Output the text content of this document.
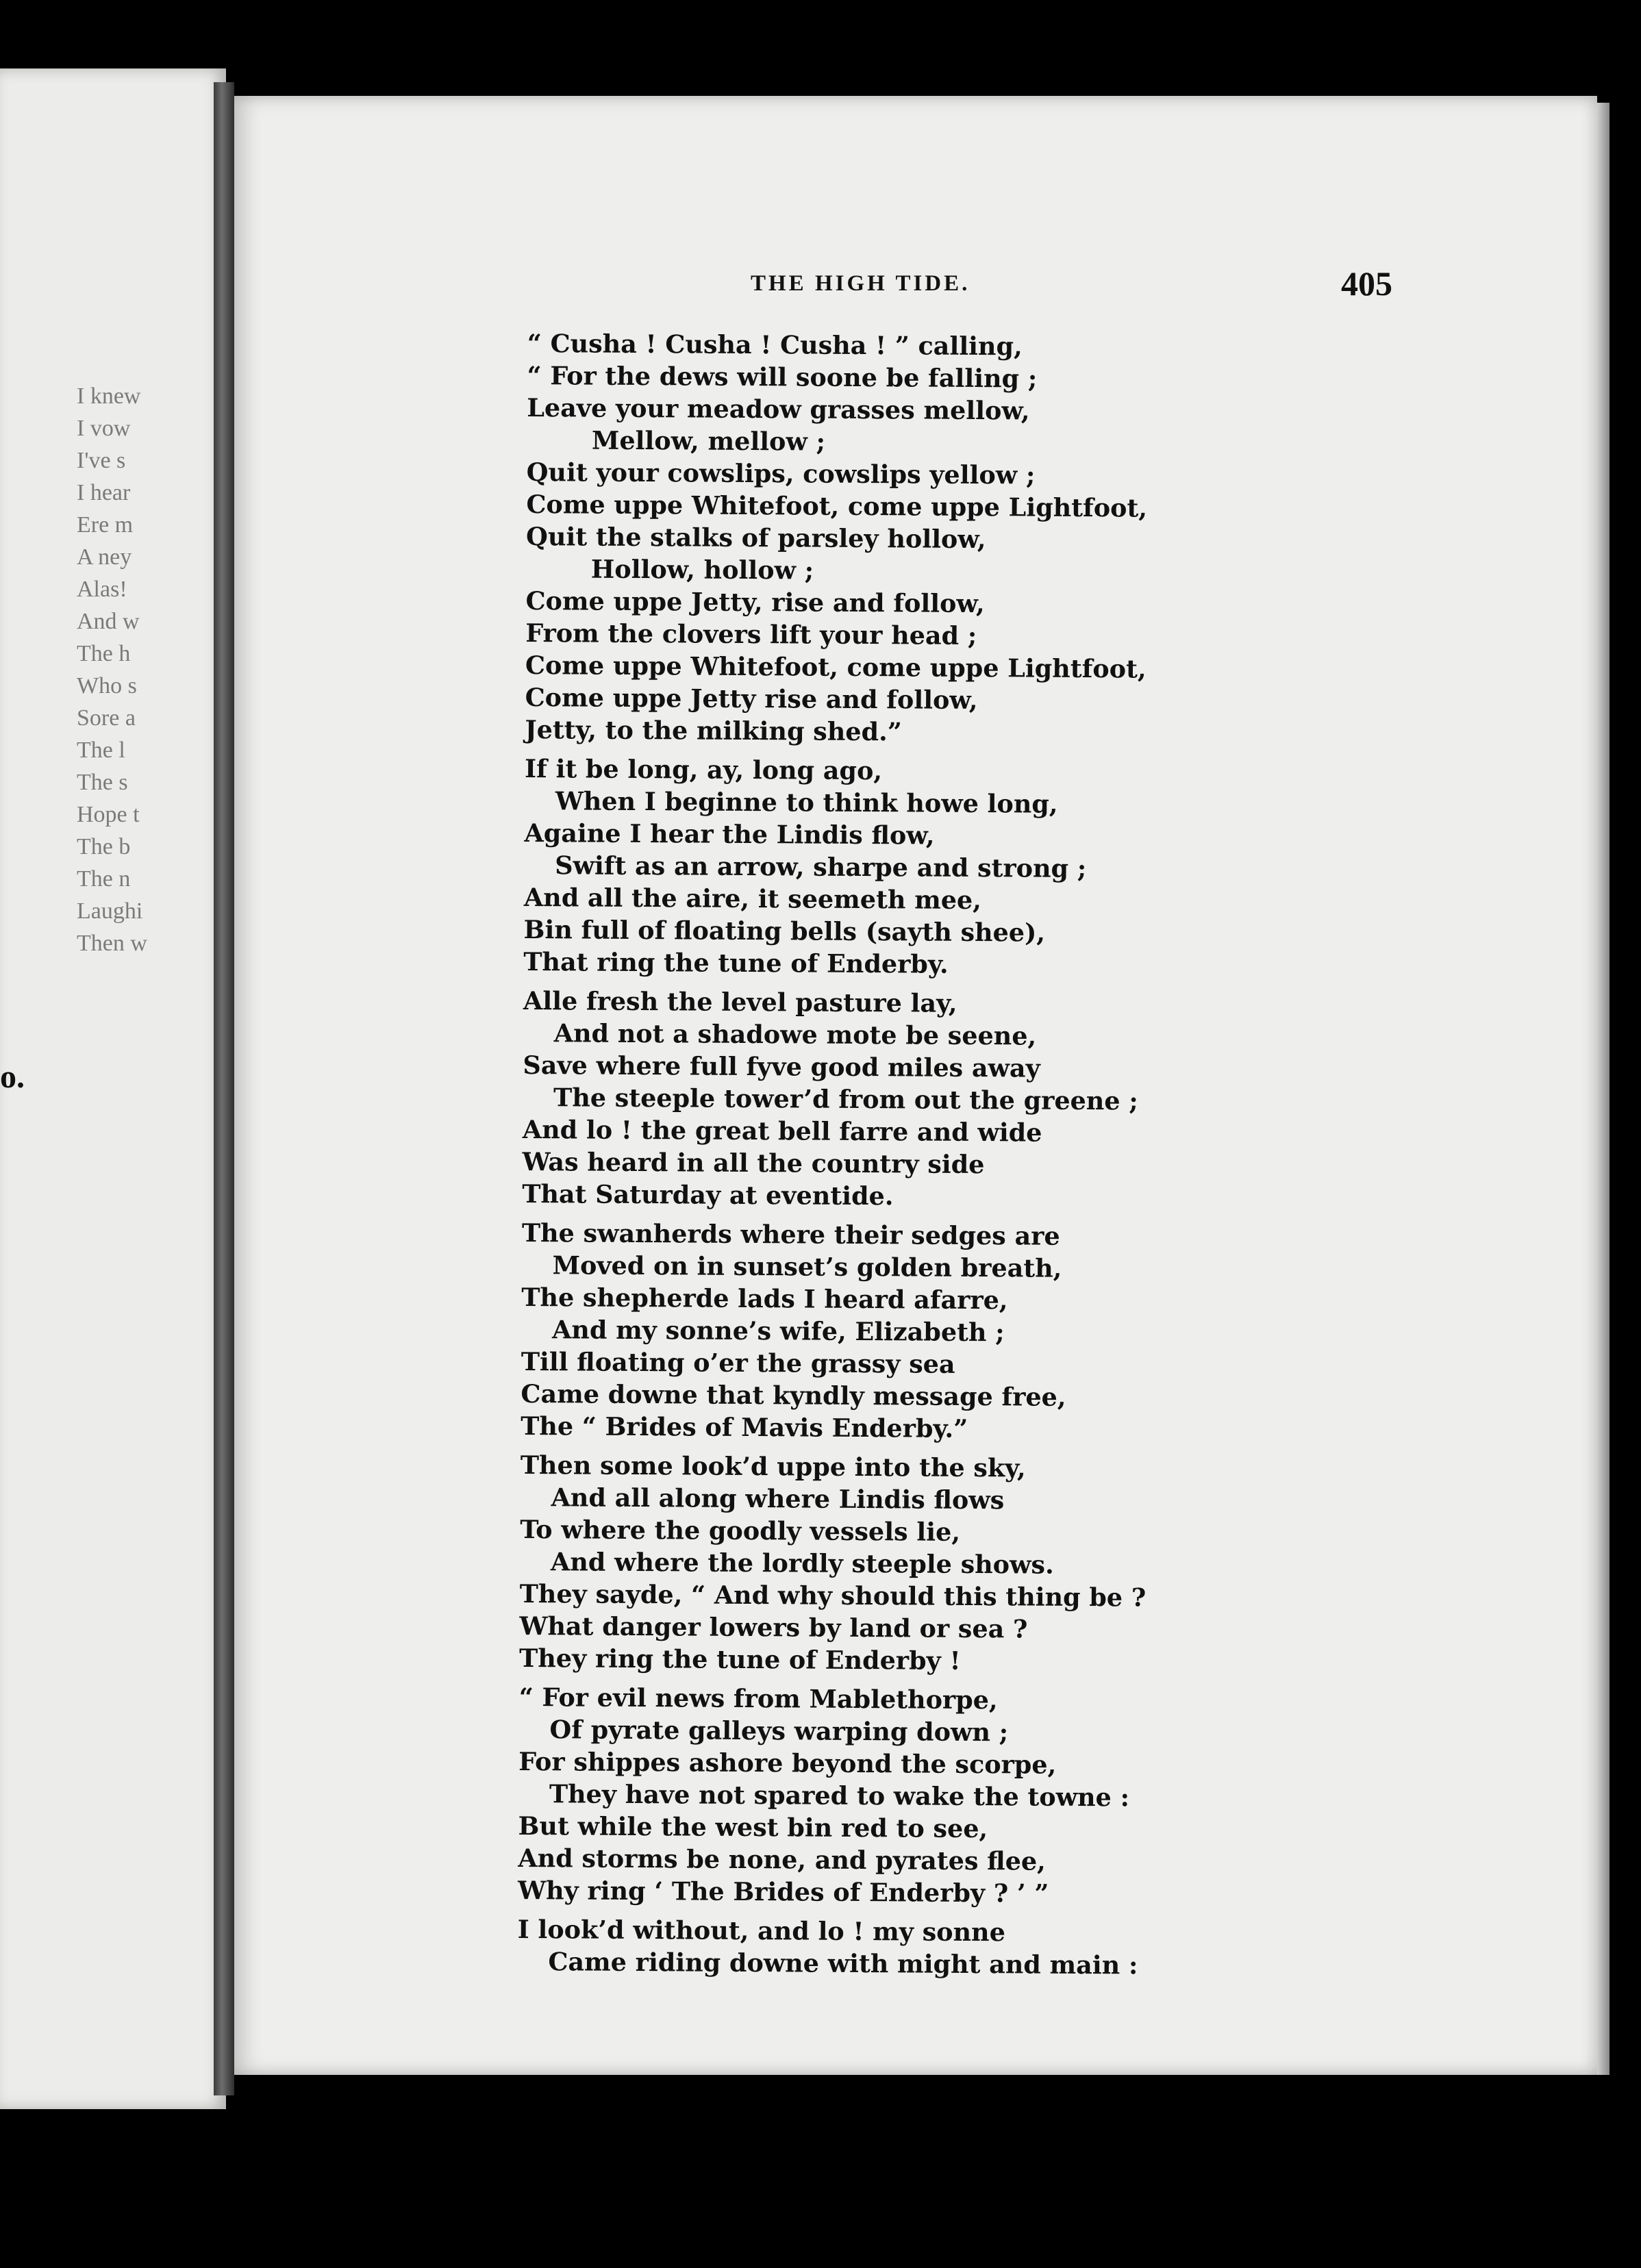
I knew
I vow
I've s
I hear
Ere m
A ney
Alas!
And w
The h
Who s
Sore a
The l
The s
Hope t
The b
The n
Laughi
Then w
o.
THE HIGH TIDE.	405
“ Cusha ! Cusha ! Cusha ! ” calling,
“ For the dews will soone be falling ;
Leave your meadow grasses mellow,
Mellow, mellow ;
Quit your cowslips, cowslips yellow ;
Come uppe Whitefoot, come uppe Lightfoot,
Quit the stalks of parsley hollow,
Hollow, hollow ;
Come uppe Jetty, rise and follow,
From the clovers lift your head ;
Come uppe Whitefoot, come uppe Lightfoot,
Come uppe Jetty rise and follow,
Jetty, to the milking shed.”
If it be long, ay, long ago,
When I beginne to think howe long,
Againe I hear the Lindis flow,
Swift as an arrow, sharpe and strong ;
And all the aire, it seemeth mee,
Bin full of floating bells (sayth shee),
That ring the tune of Enderby.
Alle fresh the level pasture lay,
And not a shadowe mote be seene,
Save where full fyve good miles away
The steeple tower’d from out the greene ;
And lo ! the great bell farre and wide
Was heard in all the country side
That Saturday at eventide.
The swanherds where their sedges are
Moved on in sunset’s golden breath,
The shepherde lads I heard afarre,
And my sonne’s wife, Elizabeth ;
Till floating o’er the grassy sea
Came downe that kyndly message free,
The “ Brides of Mavis Enderby.”
Then some look’d uppe into the sky,
And all along where Lindis flows
To where the goodly vessels lie,
And where the lordly steeple shows.
They sayde, “ And why should this thing be ?
What danger lowers by land or sea ?
They ring the tune of Enderby !
“ For evil news from Mablethorpe,
Of pyrate galleys warping down ;
For shippes ashore beyond the scorpe,
They have not spared to wake the towne :
But while the west bin red to see,
And storms be none, and pyrates flee,
Why ring ‘ The Brides of Enderby ? ’ ”
I look’d without, and lo ! my sonne
Came riding downe with might and main :
